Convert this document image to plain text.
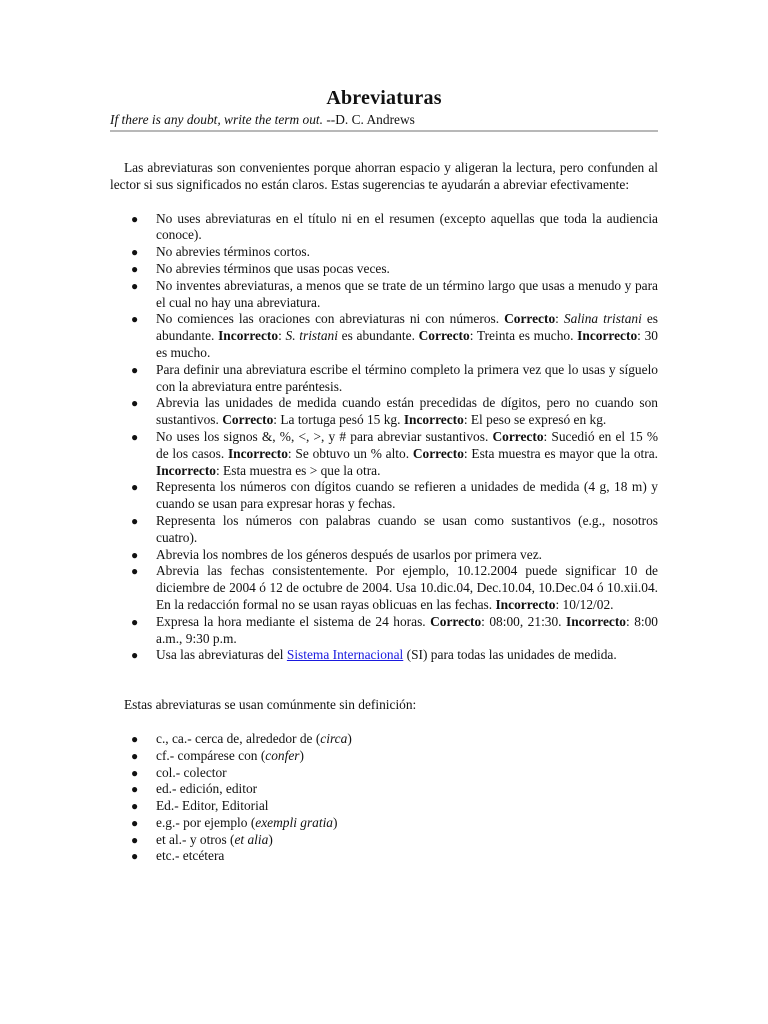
Abreviaturas
If there is any doubt, write the term out. --D. C. Andrews

Las abreviaturas son convenientes porque ahorran espacio y aligeran la lectura, pero confunden al lector si sus significados no están claros. Estas sugerencias te ayudarán a abreviar efectivamente:

● No uses abreviaturas en el título ni en el resumen (excepto aquellas que toda la audiencia conoce).
● No abrevies términos cortos.
● No abrevies términos que usas pocas veces.
● No inventes abreviaturas, a menos que se trate de un término largo que usas a menudo y para el cual no hay una abreviatura.
● No comiences las oraciones con abreviaturas ni con números. Correcto: Salina tristani es abundante. Incorrecto: S. tristani es abundante. Correcto: Treinta es mucho. Incorrecto: 30 es mucho.
● Para definir una abreviatura escribe el término completo la primera vez que lo usas y síguelo con la abreviatura entre paréntesis.
● Abrevia las unidades de medida cuando están precedidas de dígitos, pero no cuando son sustantivos. Correcto: La tortuga pesó 15 kg. Incorrecto: El peso se expresó en kg.
● No uses los signos &, %, <, >, y # para abreviar sustantivos. Correcto: Sucedió en el 15 % de los casos. Incorrecto: Se obtuvo un % alto. Correcto: Esta muestra es mayor que la otra. Incorrecto: Esta muestra es > que la otra.
● Representa los números con dígitos cuando se refieren a unidades de medida (4 g, 18 m) y cuando se usan para expresar horas y fechas.
● Representa los números con palabras cuando se usan como sustantivos (e.g., nosotros cuatro).
● Abrevia los nombres de los géneros después de usarlos por primera vez.
● Abrevia las fechas consistentemente. Por ejemplo, 10.12.2004 puede significar 10 de diciembre de 2004 ó 12 de octubre de 2004. Usa 10.dic.04, Dec.10.04, 10.Dec.04 ó 10.xii.04. En la redacción formal no se usan rayas oblicuas en las fechas. Incorrecto: 10/12/02.
● Expresa la hora mediante el sistema de 24 horas. Correcto: 08:00, 21:30. Incorrecto: 8:00 a.m., 9:30 p.m.
● Usa las abreviaturas del Sistema Internacional (SI) para todas las unidades de medida.

Estas abreviaturas se usan comúnmente sin definición:

● c., ca.- cerca de, alrededor de (circa)
● cf.- compárese con (confer)
● col.- colector
● ed.- edición, editor
● Ed.- Editor, Editorial
● e.g.- por ejemplo (exempli gratia)
● et al.- y otros (et alia)
● etc.- etcétera
